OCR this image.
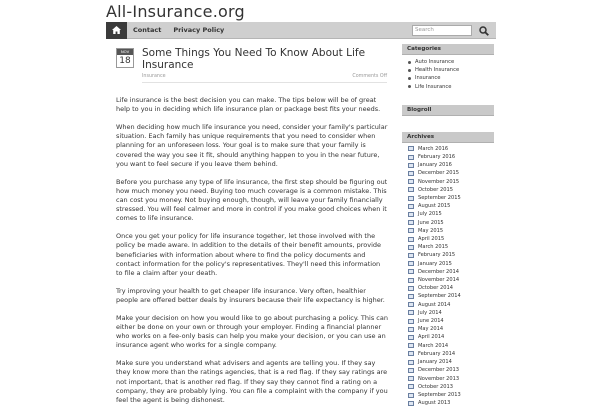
All-Insurance.org
Contact	Privacy Policy	Search
NOV
18
Some Things You Need To Know About Life Insurance
Insurance	Comments Off

Life insurance is the best decision you can make. The tips below will be of great help to you in deciding which life insurance plan or package best fits your needs.

When deciding how much life insurance you need, consider your family's particular situation. Each family has unique requirements that you need to consider when planning for an unforeseen loss. Your goal is to make sure that your family is covered the way you see it fit, should anything happen to you in the near future, you want to feel secure if you leave them behind.

Before you purchase any type of life insurance, the first step should be figuring out how much money you need. Buying too much coverage is a common mistake. This can cost you money. Not buying enough, though, will leave your family financially stressed. You will feel calmer and more in control if you make good choices when it comes to life insurance.

Once you get your policy for life insurance together, let those involved with the policy be made aware. In addition to the details of their benefit amounts, provide beneficiaries with information about where to find the policy documents and contact information for the policy's representatives. They'll need this information to file a claim after your death.

Try improving your health to get cheaper life insurance. Very often, healthier people are offered better deals by insurers because their life expectancy is higher.

Make your decision on how you would like to go about purchasing a policy. This can either be done on your own or through your employer. Finding a financial planner who works on a fee-only basis can help you make your decision, or you can use an insurance agent who works for a single company.

Make sure you understand what advisers and agents are telling you. If they say they know more than the ratings agencies, that is a red flag. If they say ratings are not important, that is another red flag. If they say they cannot find a rating on a company, they are probably lying. You can file a complaint with the company if you feel the agent is being dishonest.

Categories
Auto Insurance
Health Insurance
Insurance
Life Insurance
Blogroll
Archives
March 2016
February 2016
January 2016
December 2015
November 2015
October 2015
September 2015
August 2015
July 2015
June 2015
May 2015
April 2015
March 2015
February 2015
January 2015
December 2014
November 2014
October 2014
September 2014
August 2014
July 2014
June 2014
May 2014
April 2014
March 2014
February 2014
January 2014
December 2013
November 2013
October 2013
September 2013
August 2013
